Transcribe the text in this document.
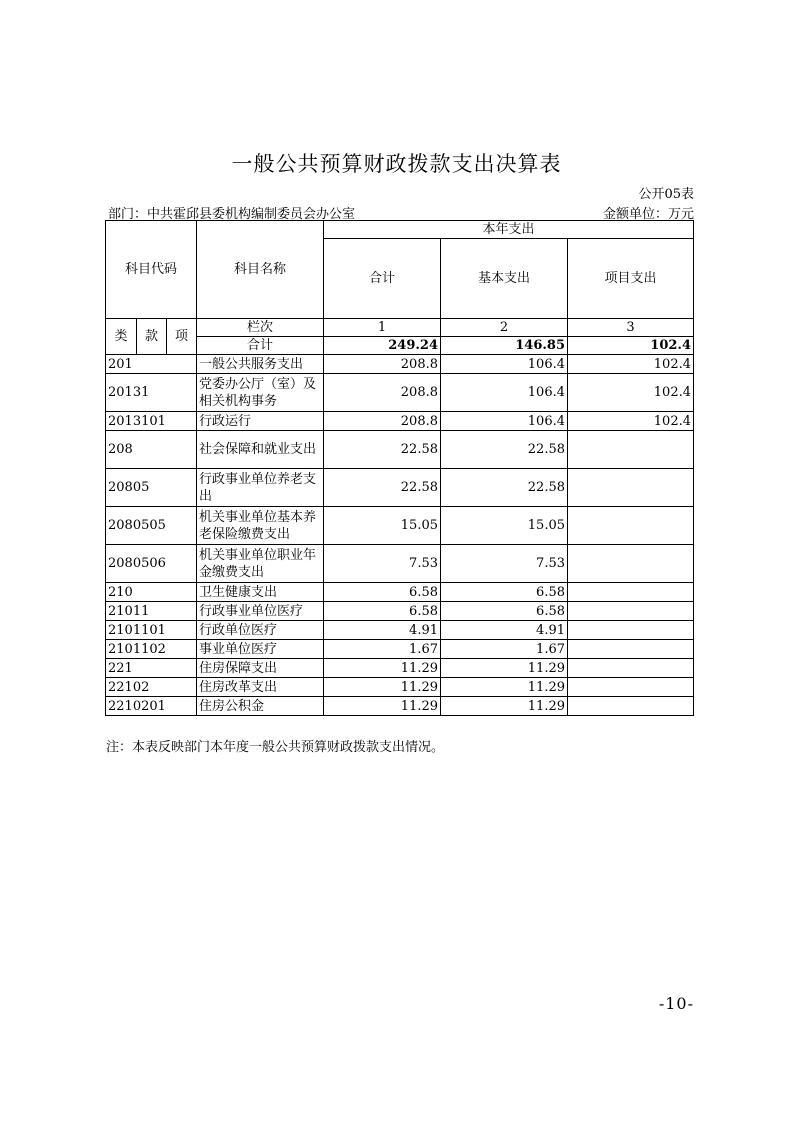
一般公共预算财政拨款支出决算表
公开05表
部门：中共霍邱县委机构编制委员会办公室	金额单位：万元
科目代码			科目名称	本年支出		
				合计	基本支出	项目支出
类	款	项	栏次	1	2	3
			合计	249.24	146.85	102.4
201			一般公共服务支出	208.8	106.4	102.4
20131			党委办公厅（室）及相关机构事务	208.8	106.4	102.4
2013101			行政运行	208.8	106.4	102.4
208			社会保障和就业支出	22.58	22.58	
20805			行政事业单位养老支出	22.58	22.58	
2080505			机关事业单位基本养老保险缴费支出	15.05	15.05	
2080506			机关事业单位职业年金缴费支出	7.53	7.53	
210			卫生健康支出	6.58	6.58	
21011			行政事业单位医疗	6.58	6.58	
2101101			行政单位医疗	4.91	4.91	
2101102			事业单位医疗	1.67	1.67	
221			住房保障支出	11.29	11.29	
22102			住房改革支出	11.29	11.29	
2210201			住房公积金	11.29	11.29	
注：本表反映部门本年度一般公共预算财政拨款支出情况。
-10-
